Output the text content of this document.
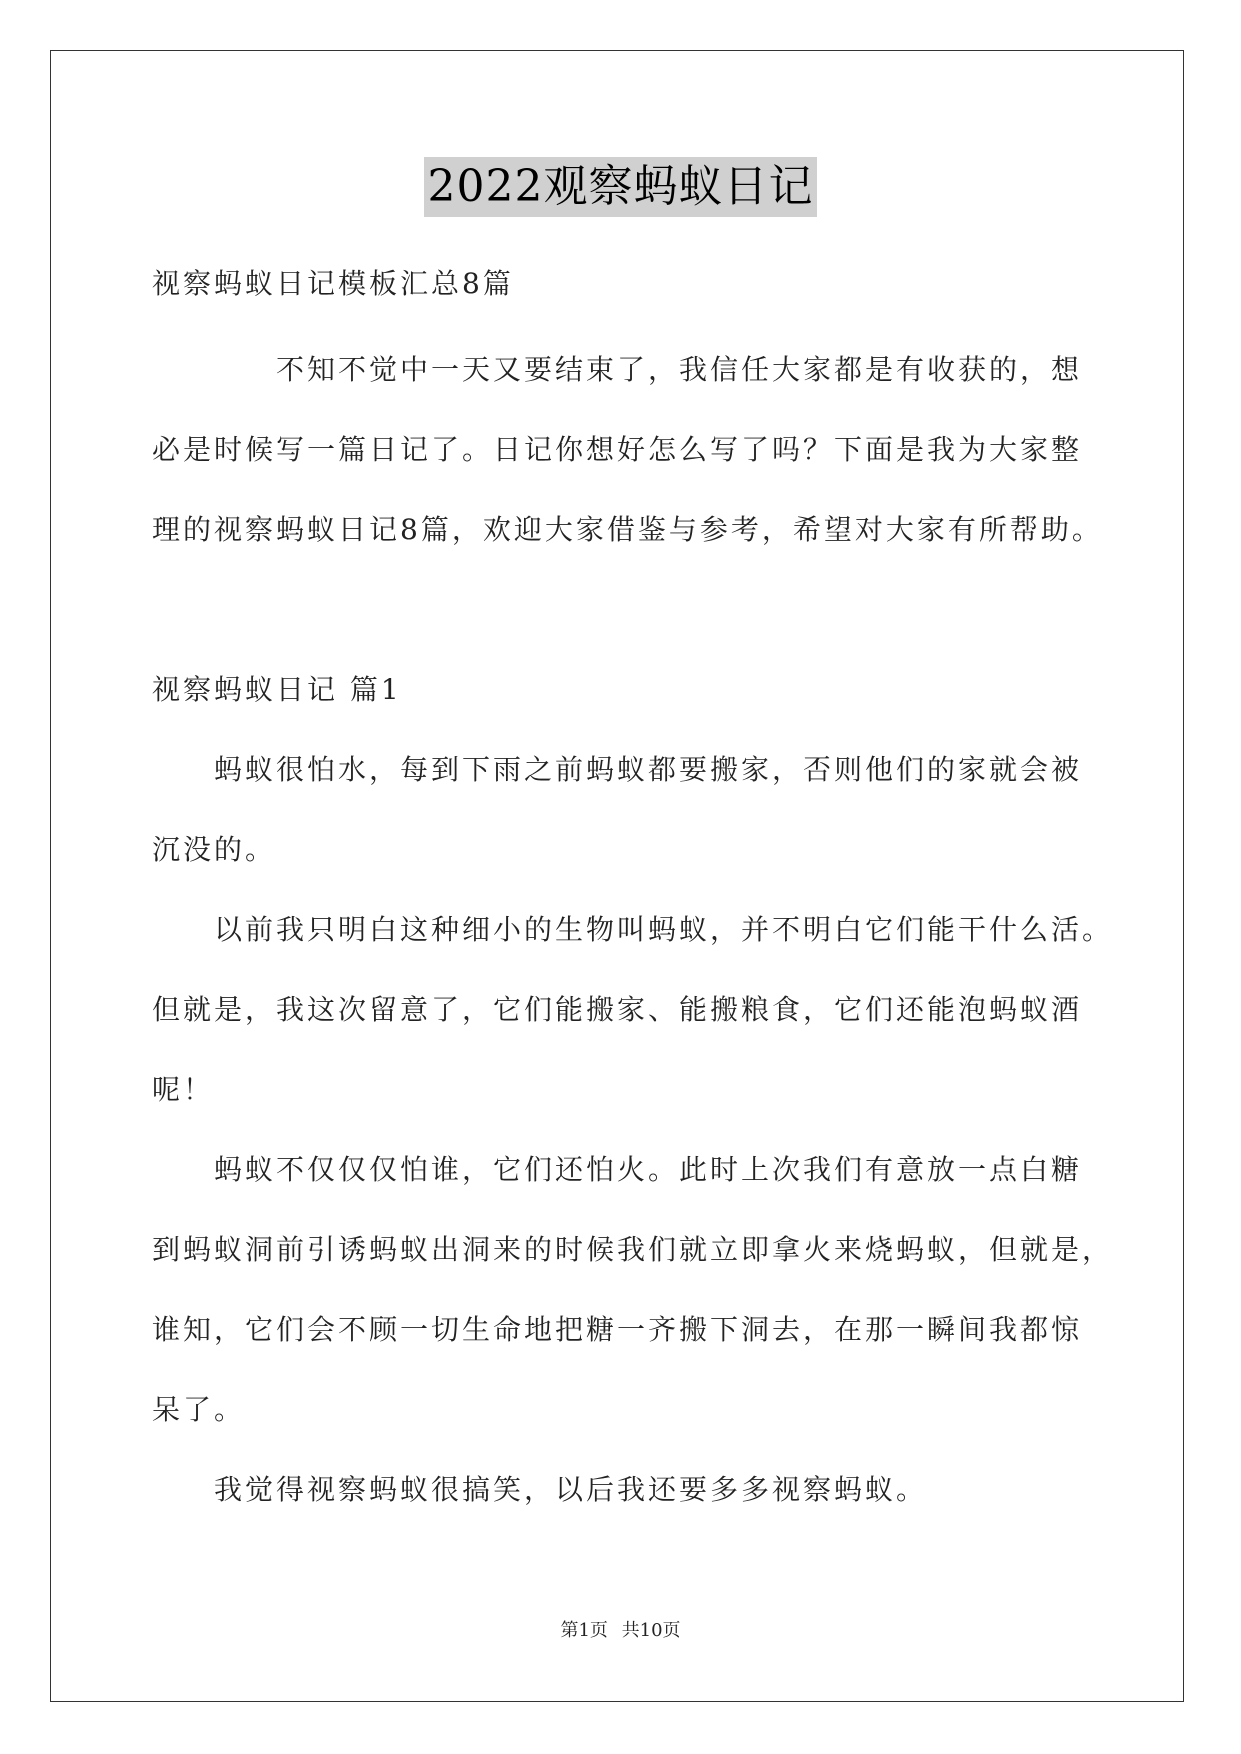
2022观察蚂蚁日记
视察蚂蚁日记模板汇总8篇
不知不觉中一天又要结束了，我信任大家都是有收获的，想
必是时候写一篇日记了。日记你想好怎么写了吗？下面是我为大家整
理的视察蚂蚁日记8篇，欢迎大家借鉴与参考，希望对大家有所帮助。
视察蚂蚁日记 篇1
蚂蚁很怕水，每到下雨之前蚂蚁都要搬家，否则他们的家就会被
沉没的。
以前我只明白这种细小的生物叫蚂蚁，并不明白它们能干什么活。
但就是，我这次留意了，它们能搬家、能搬粮食，它们还能泡蚂蚁酒
呢！
蚂蚁不仅仅仅怕谁，它们还怕火。此时上次我们有意放一点白糖
到蚂蚁洞前引诱蚂蚁出洞来的时候我们就立即拿火来烧蚂蚁，但就是，
谁知，它们会不顾一切生命地把糖一齐搬下洞去，在那一瞬间我都惊
呆了。
我觉得视察蚂蚁很搞笑，以后我还要多多视察蚂蚁。
第1页 共10页
